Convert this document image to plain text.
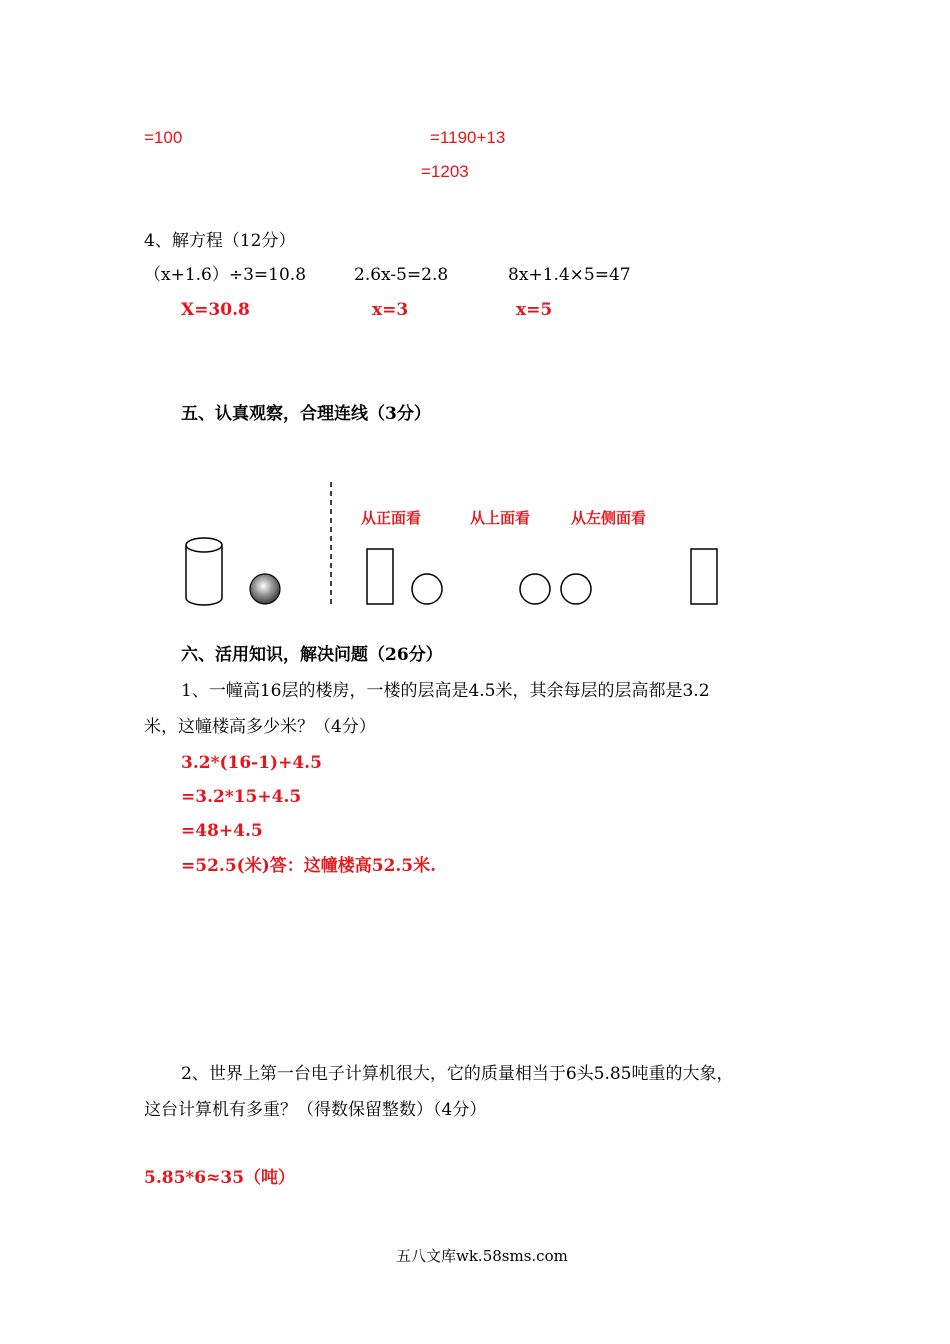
=100	=1190+13
=1203
4、解方程（12分）
（x+1.6）÷3=10.8	2.6x-5=2.8	8x+1.4×5=47
X=30.8	x=3	x=5
五、认真观察，合理连线（3分）
从正面看	从上面看	从左侧面看
六、活用知识，解决问题（26分）
1、一幢高16层的楼房，一楼的层高是4.5米，其余每层的层高都是3.2
米，这幢楼高多少米？（4分）
3.2*(16-1)+4.5
=3.2*15+4.5
=48+4.5
=52.5(米)答：这幢楼高52.5米.
2、世界上第一台电子计算机很大，它的质量相当于6头5.85吨重的大象，
这台计算机有多重？（得数保留整数）（4分）
5.85*6≈35（吨）
五八文库wk.58sms.com
